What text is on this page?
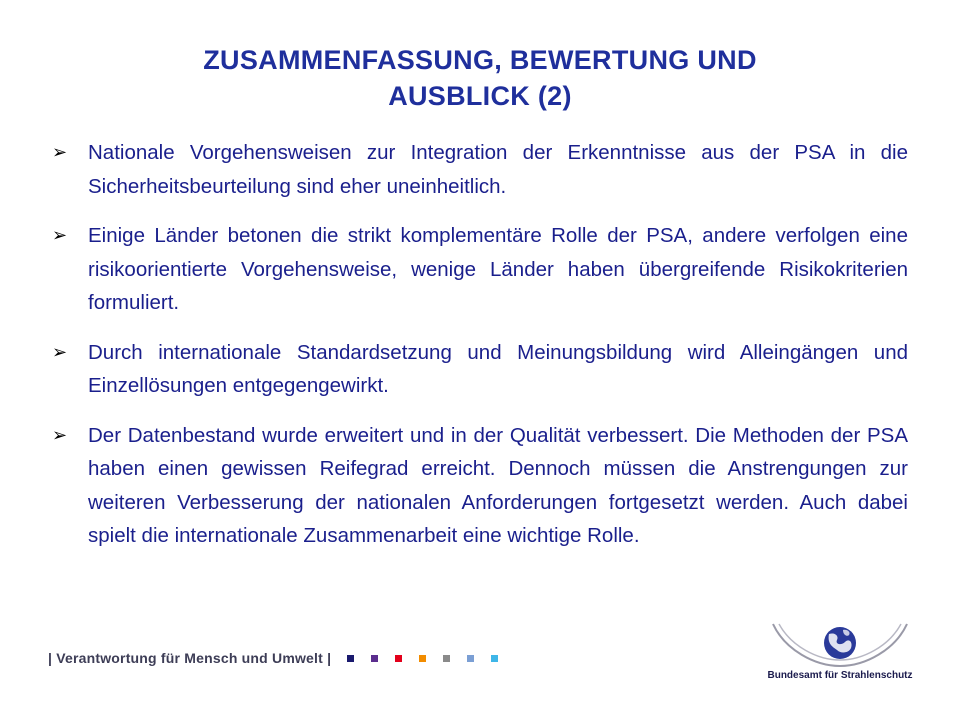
ZUSAMMENFASSUNG, BEWERTUNG UND
AUSBLICK (2)
➢ Nationale Vorgehensweisen zur Integration der Erkenntnisse aus der PSA in die Sicherheitsbeurteilung sind eher uneinheitlich.
➢ Einige Länder betonen die strikt komplementäre Rolle der PSA, andere verfolgen eine risikoorientierte Vorgehensweise, wenige Länder haben übergreifende Risikokriterien formuliert.
➢ Durch internationale Standardsetzung und Meinungsbildung wird Alleingängen und Einzellösungen entgegengewirkt.
➢ Der Datenbestand wurde erweitert und in der Qualität verbessert. Die Methoden der PSA haben einen gewissen Reifegrad erreicht. Dennoch müssen die Anstrengungen zur weiteren Verbesserung der nationalen Anforderungen fortgesetzt werden. Auch dabei spielt die internationale Zusammenarbeit eine wichtige Rolle.
| Verantwortung für Mensch und Umwelt |
Bundesamt für Strahlenschutz
